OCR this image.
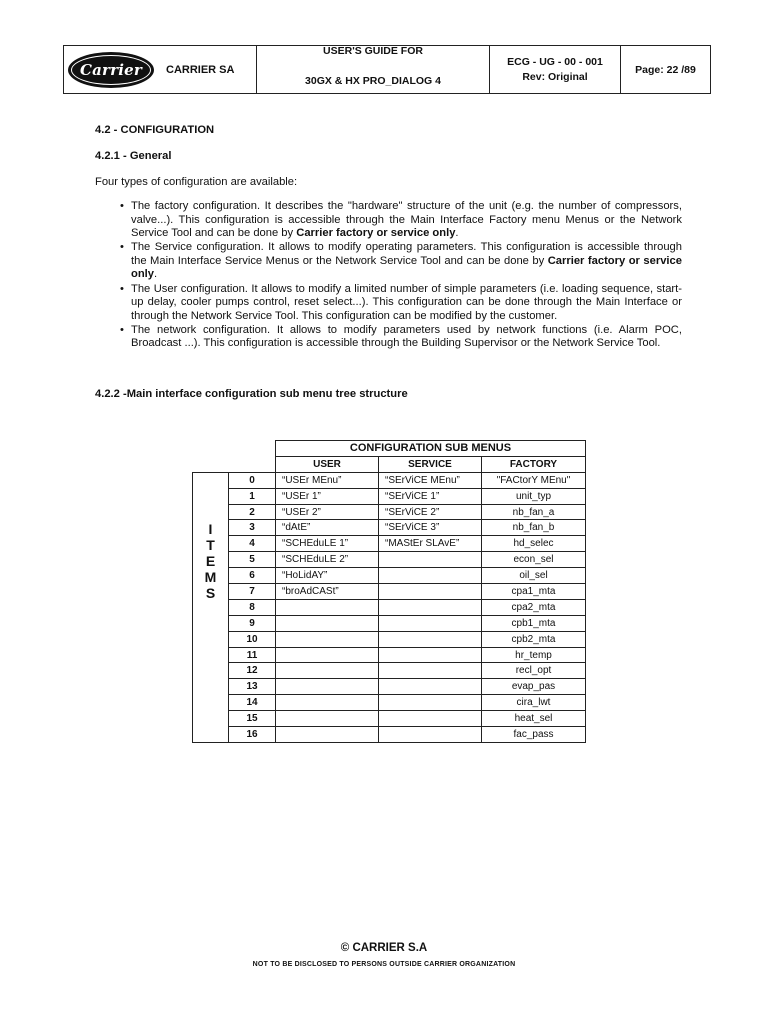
Carrier	CARRIER SA
USER'S GUIDE FOR
30GX & HX PRO_DIALOG 4
ECG - UG - 00 - 001
Rev: Original
Page: 22 /89
4.2 - CONFIGURATION
4.2.1 - General
Four types of configuration are available:
• The factory configuration. It describes the "hardware" structure of the unit (e.g. the number of compressors, valve...). This configuration is accessible through the Main Interface Factory menu Menus or the Network Service Tool and can be done by Carrier factory or service only.
• The Service configuration. It allows to modify operating parameters. This configuration is accessible through the Main Interface Service Menus or the Network Service Tool and can be done by Carrier factory or service only.
• The User configuration. It allows to modify a limited number of simple parameters (i.e. loading sequence, start-up delay, cooler pumps control, reset select...). This configuration can be done through the Main Interface or through the Network Service Tool. This configuration can be modified by the customer.
• The network configuration. It allows to modify parameters used by network functions (i.e. Alarm POC, Broadcast ...). This configuration is accessible through the Building Supervisor or the Network Service Tool.
4.2.2 -Main interface configuration sub menu tree structure
		CONFIGURATION SUB MENUS		
		USER	SERVICE	FACTORY
I
T
E
M
S	0	“USEr MEnu”	“SErViCE MEnu”	"FACtorY MEnu"
	1	“USEr 1”	“SErViCE 1”	unit_typ
	2	“USEr 2”	“SErViCE 2”	nb_fan_a
	3	“dAtE”	“SErViCE 3”	nb_fan_b
	4	“SCHEduLE 1”	“MAStEr SLAvE”	hd_selec
	5	“SCHEduLE 2”		econ_sel
	6	“HoLidAY”		oil_sel
	7	“broAdCASt”		cpa1_mta
	8			cpa2_mta
	9			cpb1_mta
	10			cpb2_mta
	11			hr_temp
	12			recl_opt
	13			evap_pas
	14			cira_lwt
	15			heat_sel
	16			fac_pass
© CARRIER S.A
NOT TO BE DISCLOSED TO PERSONS OUTSIDE CARRIER ORGANIZATION
